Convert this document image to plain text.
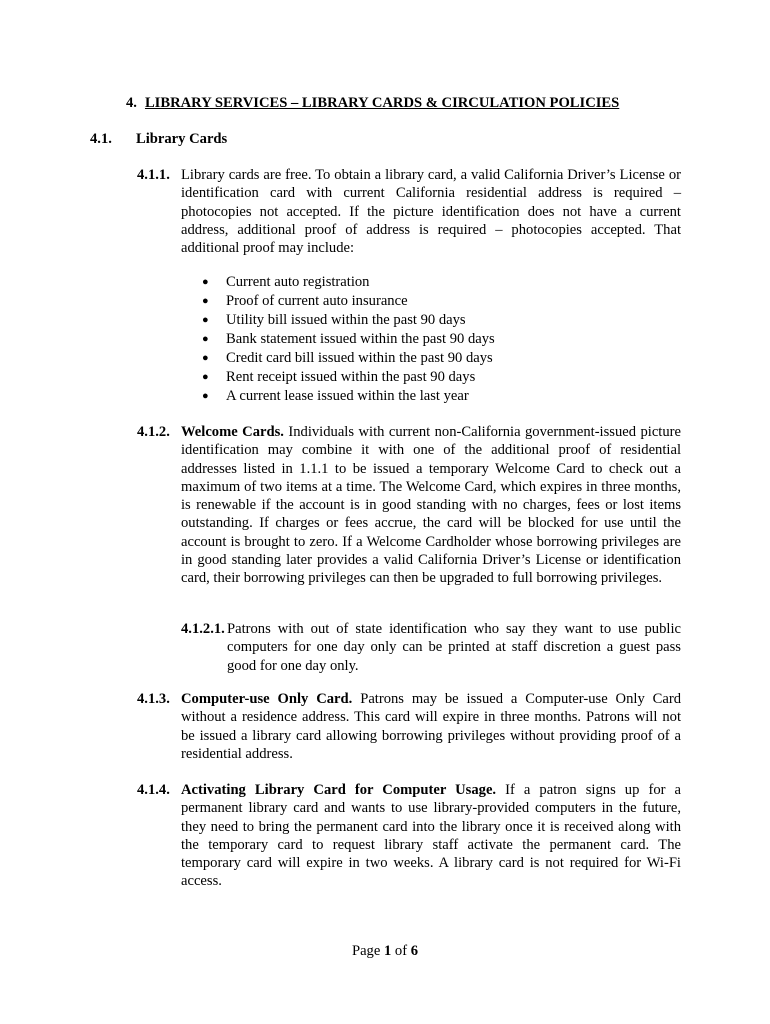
4. LIBRARY SERVICES – LIBRARY CARDS & CIRCULATION POLICIES
4.1. Library Cards
4.1.1. Library cards are free. To obtain a library card, a valid California Driver’s License or identification card with current California residential address is required – photocopies not accepted. If the picture identification does not have a current address, additional proof of address is required – photocopies accepted. That additional proof may include:
● Current auto registration
● Proof of current auto insurance
● Utility bill issued within the past 90 days
● Bank statement issued within the past 90 days
● Credit card bill issued within the past 90 days
● Rent receipt issued within the past 90 days
● A current lease issued within the last year
4.1.2. Welcome Cards. Individuals with current non-California government-issued picture identification may combine it with one of the additional proof of residential addresses listed in 1.1.1 to be issued a temporary Welcome Card to check out a maximum of two items at a time. The Welcome Card, which expires in three months, is renewable if the account is in good standing with no charges, fees or lost items outstanding. If charges or fees accrue, the card will be blocked for use until the account is brought to zero. If a Welcome Cardholder whose borrowing privileges are in good standing later provides a valid California Driver’s License or identification card, their borrowing privileges can then be upgraded to full borrowing privileges.
4.1.2.1. Patrons with out of state identification who say they want to use public computers for one day only can be printed at staff discretion a guest pass good for one day only.
4.1.3. Computer-use Only Card. Patrons may be issued a Computer-use Only Card without a residence address. This card will expire in three months. Patrons will not be issued a library card allowing borrowing privileges without providing proof of a residential address.
4.1.4. Activating Library Card for Computer Usage. If a patron signs up for a permanent library card and wants to use library-provided computers in the future, they need to bring the permanent card into the library once it is received along with the temporary card to request library staff activate the permanent card. The temporary card will expire in two weeks. A library card is not required for Wi-Fi access.
Page 1 of 6
